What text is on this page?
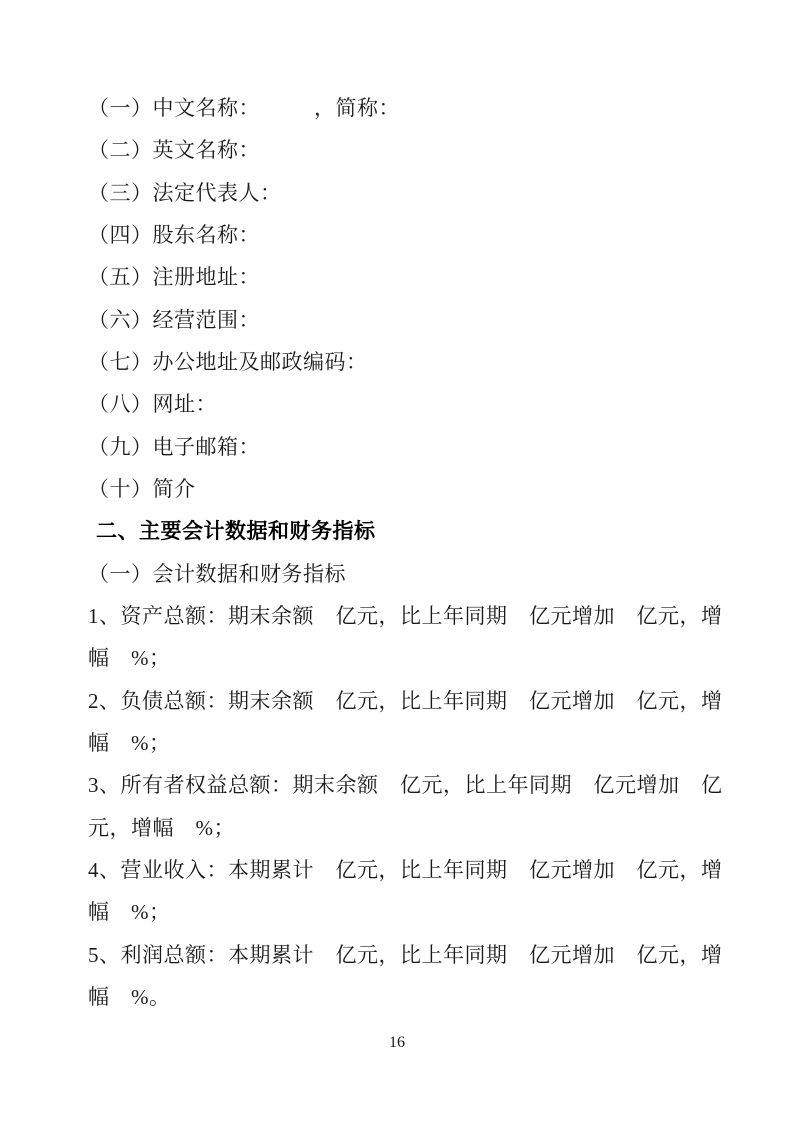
（一）中文名称：　　　，简称：
（二）英文名称：
（三）法定代表人：
（四）股东名称：
（五）注册地址：
（六）经营范围：
（七）办公地址及邮政编码：
（八）网址：
（九）电子邮箱：
（十）简介
二、主要会计数据和财务指标
（一）会计数据和财务指标
1、资产总额：期末余额　亿元，比上年同期　亿元增加　亿元，增
幅　%；
2、负债总额：期末余额　亿元，比上年同期　亿元增加　亿元，增
幅　%；
3、所有者权益总额：期末余额　亿元，比上年同期　亿元增加　亿
元，增幅　%；
4、营业收入：本期累计　亿元，比上年同期　亿元增加　亿元，增
幅　%；
5、利润总额：本期累计　亿元，比上年同期　亿元增加　亿元，增
幅　%。
16
